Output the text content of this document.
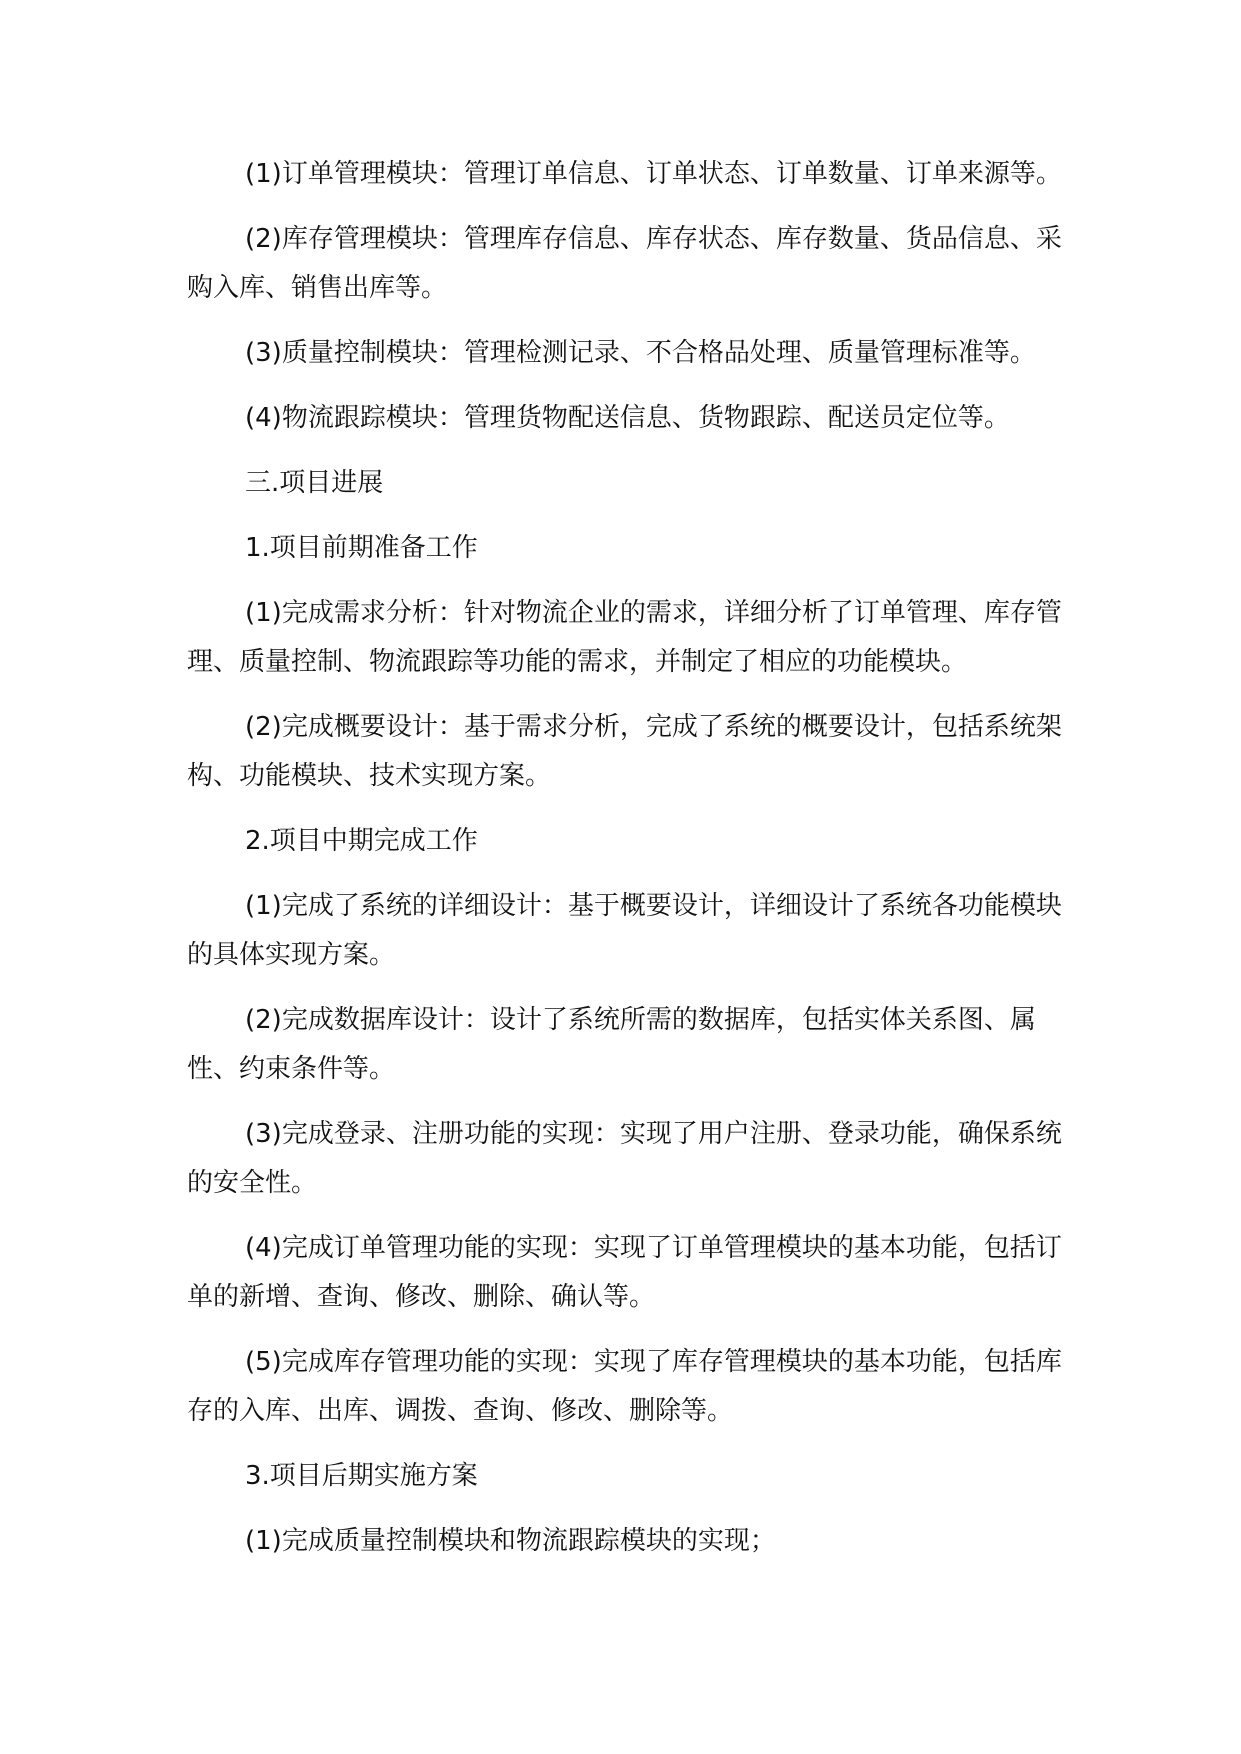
(1)订单管理模块：管理订单信息、订单状态、订单数量、订单来源等。

(2)库存管理模块：管理库存信息、库存状态、库存数量、货品信息、采购入库、销售出库等。

(3)质量控制模块：管理检测记录、不合格品处理、质量管理标准等。

(4)物流跟踪模块：管理货物配送信息、货物跟踪、配送员定位等。

三.项目进展

1.项目前期准备工作

(1)完成需求分析：针对物流企业的需求，详细分析了订单管理、库存管理、质量控制、物流跟踪等功能的需求，并制定了相应的功能模块。

(2)完成概要设计：基于需求分析，完成了系统的概要设计，包括系统架构、功能模块、技术实现方案。

2.项目中期完成工作

(1)完成了系统的详细设计：基于概要设计，详细设计了系统各功能模块的具体实现方案。

(2)完成数据库设计：设计了系统所需的数据库，包括实体关系图、属性、约束条件等。

(3)完成登录、注册功能的实现：实现了用户注册、登录功能，确保系统的安全性。

(4)完成订单管理功能的实现：实现了订单管理模块的基本功能，包括订单的新增、查询、修改、删除、确认等。

(5)完成库存管理功能的实现：实现了库存管理模块的基本功能，包括库存的入库、出库、调拨、查询、修改、删除等。

3.项目后期实施方案

(1)完成质量控制模块和物流跟踪模块的实现；
